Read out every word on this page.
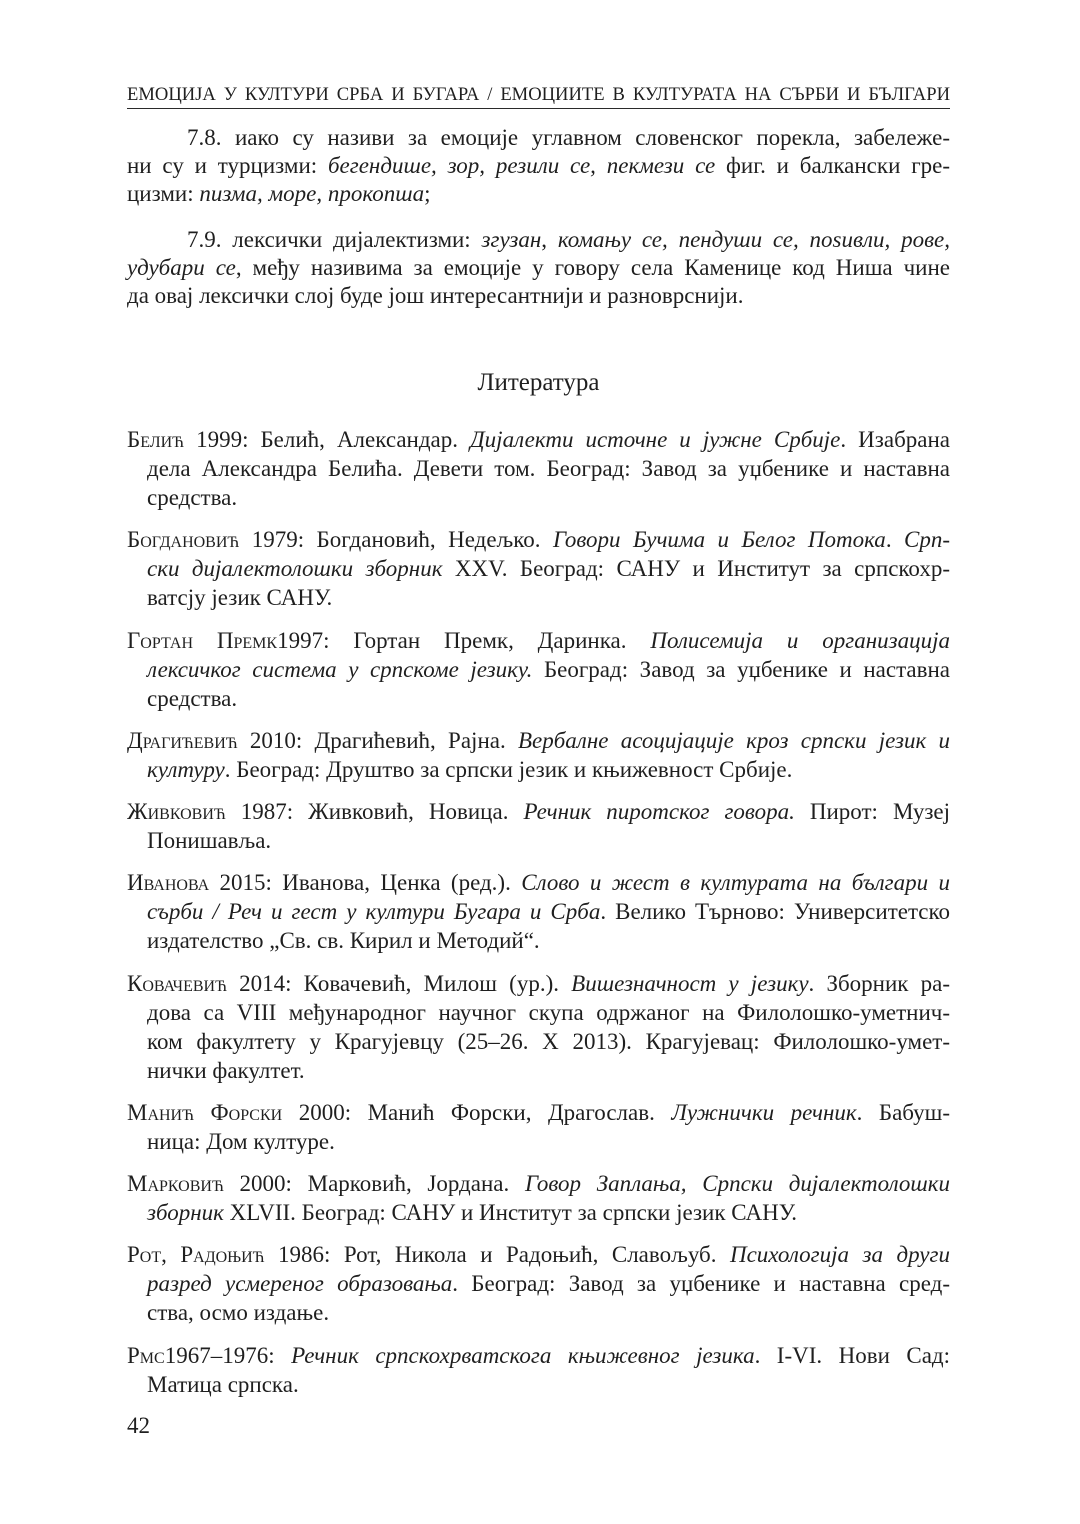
ЕМОЦИЈА У КУЛТУРИ СРБА И БУГАРА / ЕМОЦИИТЕ В КУЛТУРАТА НА СЪРБИ И БЪЛГАРИ
7.8. иако су називи за емоције углавном словенског порекла, забележе-
ни су и турцизми: бегендише, зор, резили се, пекмези се фиг. и балкански гре-
цизми: пизма, море, прокопша;
7.9. лексички дијалектизми: згузан, комању се, пендуши се, поѕивли, рове,
удубари се, међу називима за емоције у говору села Каменице код Ниша чине
да овај лексички слој буде још интересантнији и разноврснији.
Литература
Белић 1999: Белић, Александар. Дијалекти источне и јужне Србије. Изабрана
дела Александра Белића. Девети том. Београд: Завод за уџбенике и наставна
средства.
Богдановић 1979: Богдановић, Недељко. Говори Бучима и Белог Потока. Срп-
ски дијалектолошки зборник XXV. Београд: САНУ и Институт за српскохр-
ватсју језик САНУ.
Гортан Премк1997: Гортан Премк, Даринка. Полисемија и организација
лексичког система у српскоме језику. Београд: Завод за уџбенике и наставна
средства.
Драгићевић 2010: Драгићевић, Рајна. Вербалне асоцијације кроз српски језик и
културу. Београд: Друштво за српски језик и књижевност Србије.
Живковић 1987: Живковић, Новица. Речник пиротског говора. Пирот: Музеј
Понишавља.
Иванова 2015: Иванова, Ценка (ред.). Слово и жест в културата на българи и
сърби / Реч и гест у култури Бугара и Срба. Велико Търново: Университетско
издателство „Св. св. Кирил и Методий“.
Ковачевић 2014: Ковачевић, Милош (ур.). Вишезначност у језику. Зборник ра-
дова са VIII међународног научног скупа одржаног на Филолошко-уметнич-
ком факултету у Крагујевцу (25–26. X 2013). Крагујевац: Филолошко-умет-
нички факултет.
Манић Форски 2000: Манић Форски, Драгослав. Лужнички речник. Бабуш-
ница: Дом културе.
Марковић 2000: Марковић, Јордана. Говор Заплања, Српски дијалектолошки
зборник XLVII. Београд: САНУ и Институт за српски језик САНУ.
Рот, Радоњић 1986: Рот, Никола и Радоњић, Славољуб. Психологија за други
разред усмереног образовања. Београд: Завод за уџбенике и наставна сред-
ства, осмо издање.
Рмс1967–1976: Речник српскохрватскога књижевног језика. I-VI. Нови Сад:
Матица српска.
42
